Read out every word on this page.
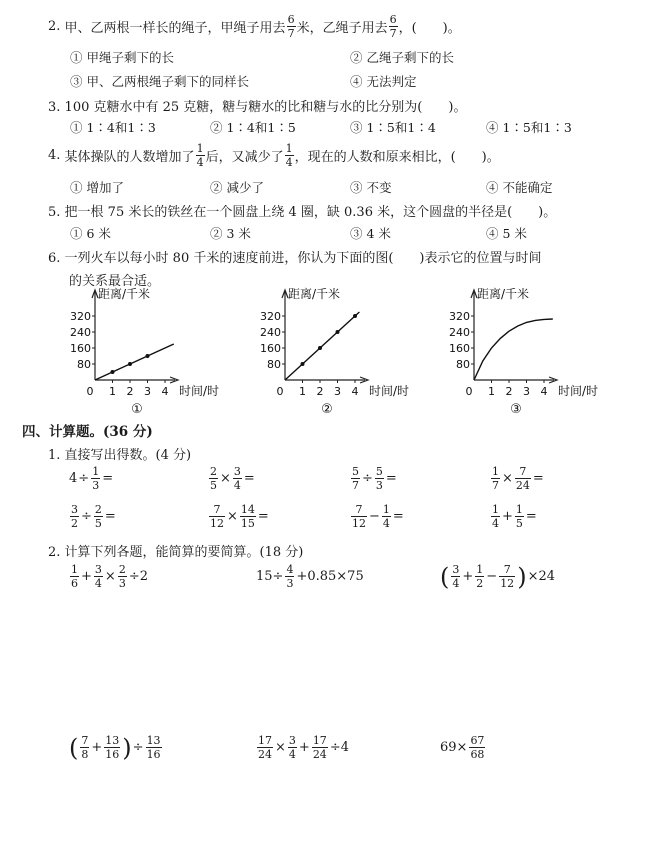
2.
甲、乙两根一样长的绳子，甲绳子用去 $\frac{6}{7}$ 米，乙绳子用去 $\frac{6}{7}$ ，(　　)。
① 甲绳子剩下的长	② 乙绳子剩下的长
③ 甲、乙两根绳子剩下的同样长	④ 无法判定
3. 100 克糖水中有 25 克糖，糖与糖水的比和糖与水的比分别为(　　)。
① 1∶4和1∶3	② 1∶4和1∶5	③ 1∶5和1∶4	④ 1∶5和1∶3
4.
某体操队的人数增加了 $\frac{1}{4}$ 后，又减少了 $\frac{1}{4}$ ，现在的人数和原来相比，(　　)。
① 增加了	② 减少了	③ 不变	④ 不能确定
5. 把一根 75 米长的铁丝在一个圆盘上绕 4 圈，缺 0.36 米，这个圆盘的半径是(　　)。
① 6 米	② 3 米	③ 4 米	④ 5 米
6. 一列火车以每小时 80 千米的速度前进，你认为下面的图(　　)表示它的位置与时间
的关系最合适。
距离/千米
时间/时
80
160
240
320
0 1 2 3 4
①
距离/千米
时间/时
80
160
240
320
0 1 2 3 4
②
距离/千米
时间/时
80
160
240
320
0 1 2 3 4
③
四、计算题。(36 分)
1. 直接写出得数。(4 分)
$4 \div \frac{1}{3}$ =	$\frac{2}{5} \times \frac{3}{4}$ =	$\frac{5}{7} \div \frac{5}{3}$ =	$\frac{1}{7} \times \frac{7}{24}$ =
$\frac{3}{2} \div \frac{2}{5}$ =	$\frac{7}{12} \times \frac{14}{15}$ =	$\frac{7}{12} - \frac{1}{4}$ =	$\frac{1}{4} + \frac{1}{5}$ =
2. 计算下列各题，能简算的要简算。(18 分)
$\frac{1}{6} + \frac{3}{4} \times \frac{2}{3} \div 2$	$15\div \frac{4}{3} +0.85\times 75$	( $\frac{3}{4} + \frac{1}{2} - \frac{7}{12}$ ) ×24
( $\frac{7}{8} + \frac{13}{16}$ ) ÷ $\frac{13}{16}$	$\frac{17}{24} \times \frac{3}{4} + \frac{17}{24} \div 4$	$69\times \frac{67}{68}$
